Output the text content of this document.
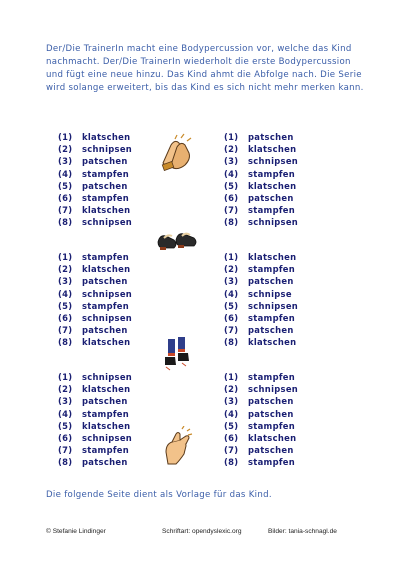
Der/Die TrainerIn macht eine Bodypercussion vor, welche das Kind nachmacht. Der/Die TrainerIn wiederholt die erste Bodypercussion und fügt eine neue hinzu. Das Kind ahmt die Abfolge nach. Die Serie wird solange erweitert, bis das Kind es sich nicht mehr merken kann.

(1) klatschen
(2) schnipsen
(3) patschen
(4) stampfen
(5) patschen
(6) stampfen
(7) klatschen
(8) schnipsen
(1) patschen
(2) klatschen
(3) schnipsen
(4) stampfen
(5) klatschen
(6) patschen
(7) stampfen
(8) schnipsen
(1) stampfen
(2) klatschen
(3) patschen
(4) schnipsen
(5) stampfen
(6) schnipsen
(7) patschen
(8) klatschen
(1) klatschen
(2) stampfen
(3) patschen
(4) schnipse
(5) schnipsen
(6) stampfen
(7) patschen
(8) klatschen
(1) schnipsen
(2) klatschen
(3) patschen
(4) stampfen
(5) klatschen
(6) schnipsen
(7) stampfen
(8) patschen
(1) stampfen
(2) schnipsen
(3) patschen
(4) patschen
(5) stampfen
(6) klatschen
(7) patschen
(8) stampfen

Die folgende Seite dient als Vorlage für das Kind.

© Stefanie Lindinger	Schriftart: opendyslexic.org	Bilder: tania-schnagl.de
